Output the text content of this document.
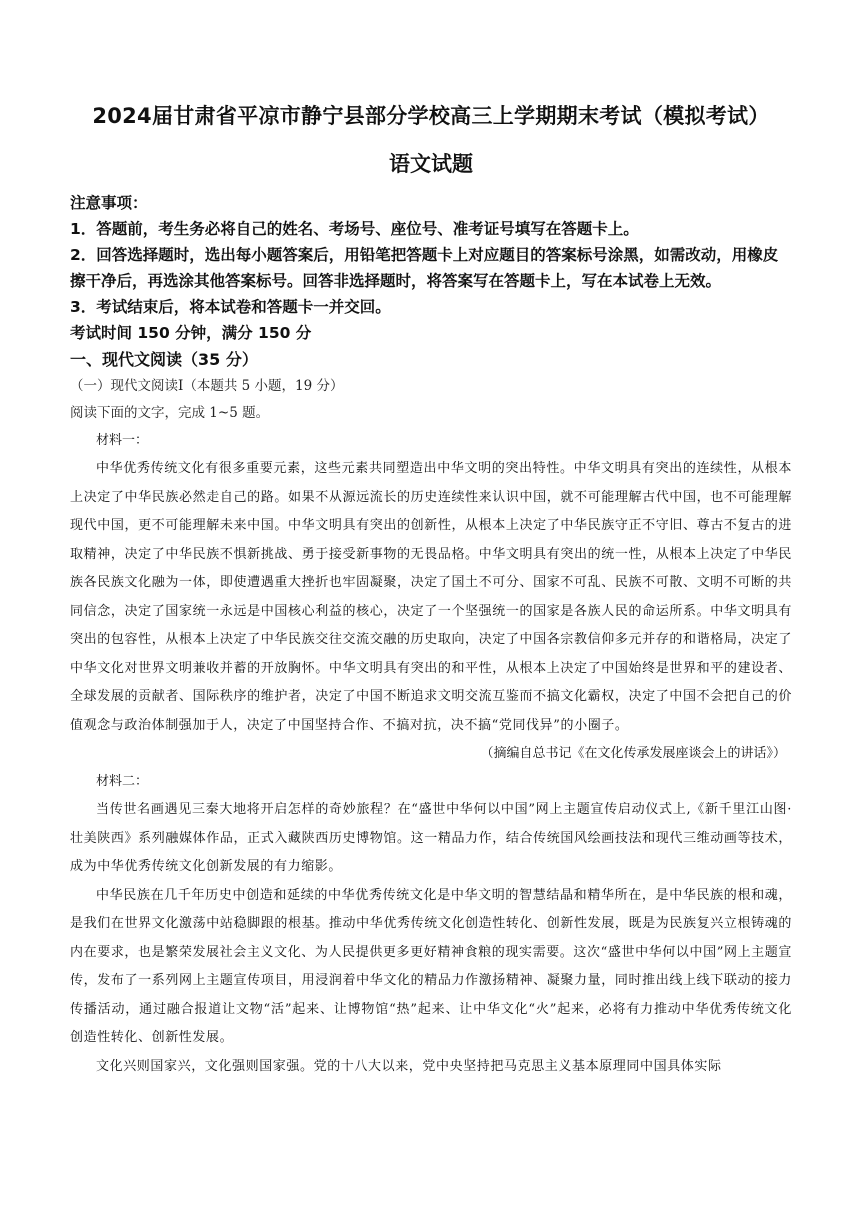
2024届甘肃省平凉市静宁县部分学校高三上学期期末考试（模拟考试）
语文试题

注意事项：

1．答题前，考生务必将自己的姓名、考场号、座位号、准考证号填写在答题卡上。

2．回答选择题时，选出每小题答案后，用铅笔把答题卡上对应题目的答案标号涂黑，如需改动，用橡皮擦干净后，再选涂其他答案标号。回答非选择题时，将答案写在答题卡上，写在本试卷上无效。

3．考试结束后，将本试卷和答题卡一并交回。

考试时间 150 分钟，满分 150 分

一、现代文阅读（35 分）

（一）现代文阅读Ⅰ（本题共 5 小题，19 分）

阅读下面的文字，完成 1~5 题。

材料一：

中华优秀传统文化有很多重要元素，这些元素共同塑造出中华文明的突出特性。中华文明具有突出的连续性，从根本上决定了中华民族必然走自己的路。如果不从源远流长的历史连续性来认识中国，就不可能理解古代中国，也不可能理解现代中国，更不可能理解未来中国。中华文明具有突出的创新性，从根本上决定了中华民族守正不守旧、尊古不复古的进取精神，决定了中华民族不惧新挑战、勇于接受新事物的无畏品格。中华文明具有突出的统一性，从根本上决定了中华民族各民族文化融为一体，即使遭遇重大挫折也牢固凝聚，决定了国土不可分、国家不可乱、民族不可散、文明不可断的共同信念，决定了国家统一永远是中国核心利益的核心，决定了一个坚强统一的国家是各族人民的命运所系。中华文明具有突出的包容性，从根本上决定了中华民族交往交流交融的历史取向，决定了中国各宗教信仰多元并存的和谐格局，决定了中华文化对世界文明兼收并蓄的开放胸怀。中华文明具有突出的和平性，从根本上决定了中国始终是世界和平的建设者、全球发展的贡献者、国际秩序的维护者，决定了中国不断追求文明交流互鉴而不搞文化霸权，决定了中国不会把自己的价值观念与政治体制强加于人，决定了中国坚持合作、不搞对抗，决不搞“党同伐异”的小圈子。

（摘编自总书记《在文化传承发展座谈会上的讲话》）

材料二：

当传世名画遇见三秦大地将开启怎样的奇妙旅程？在“盛世中华何以中国”网上主题宣传启动仪式上,《新千里江山图·壮美陕西》系列融媒体作品，正式入藏陕西历史博物馆。这一精品力作，结合传统国风绘画技法和现代三维动画等技术，成为中华优秀传统文化创新发展的有力缩影。

中华民族在几千年历史中创造和延续的中华优秀传统文化是中华文明的智慧结晶和精华所在，是中华民族的根和魂，是我们在世界文化激荡中站稳脚跟的根基。推动中华优秀传统文化创造性转化、创新性发展，既是为民族复兴立根铸魂的内在要求，也是繁荣发展社会主义文化、为人民提供更多更好精神食粮的现实需要。这次“盛世中华何以中国”网上主题宣传，发布了一系列网上主题宣传项目，用浸润着中华文化的精品力作激扬精神、凝聚力量，同时推出线上线下联动的接力传播活动，通过融合报道让文物“活”起来、让博物馆“热”起来、让中华文化“火”起来，必将有力推动中华优秀传统文化创造性转化、创新性发展。

文化兴则国家兴，文化强则国家强。党的十八大以来，党中央坚持把马克思主义基本原理同中国具体实际
